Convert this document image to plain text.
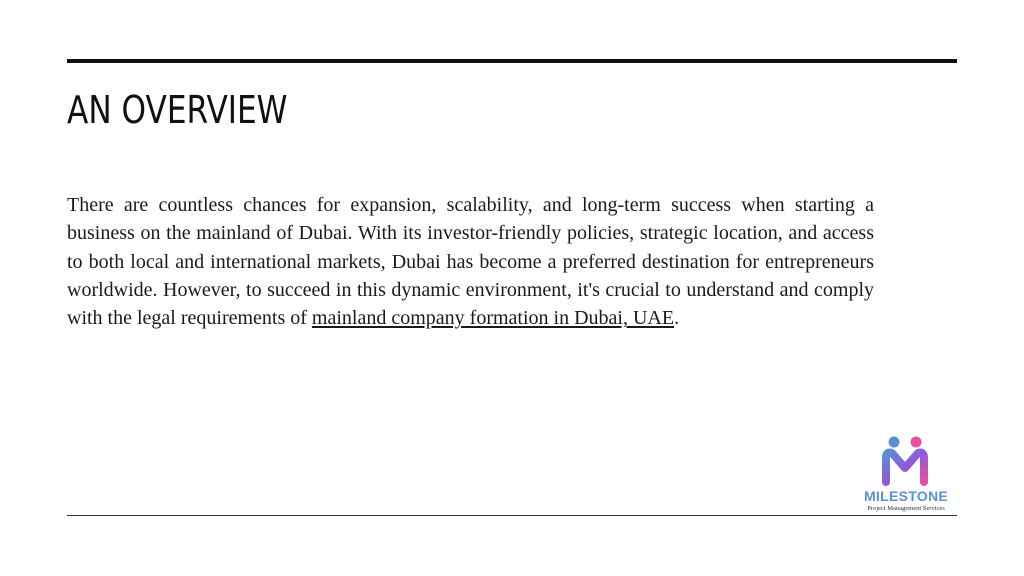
AN OVERVIEW

There are countless chances for expansion, scalability, and long-term success when starting a business on the mainland of Dubai. With its investor-friendly policies, strategic location, and access to both local and international markets, Dubai has become a preferred destination for entrepreneurs worldwide. However, to succeed in this dynamic environment, it's crucial to understand and comply with the legal requirements of mainland company formation in Dubai, UAE.

MILESTONE
Project Management Services
